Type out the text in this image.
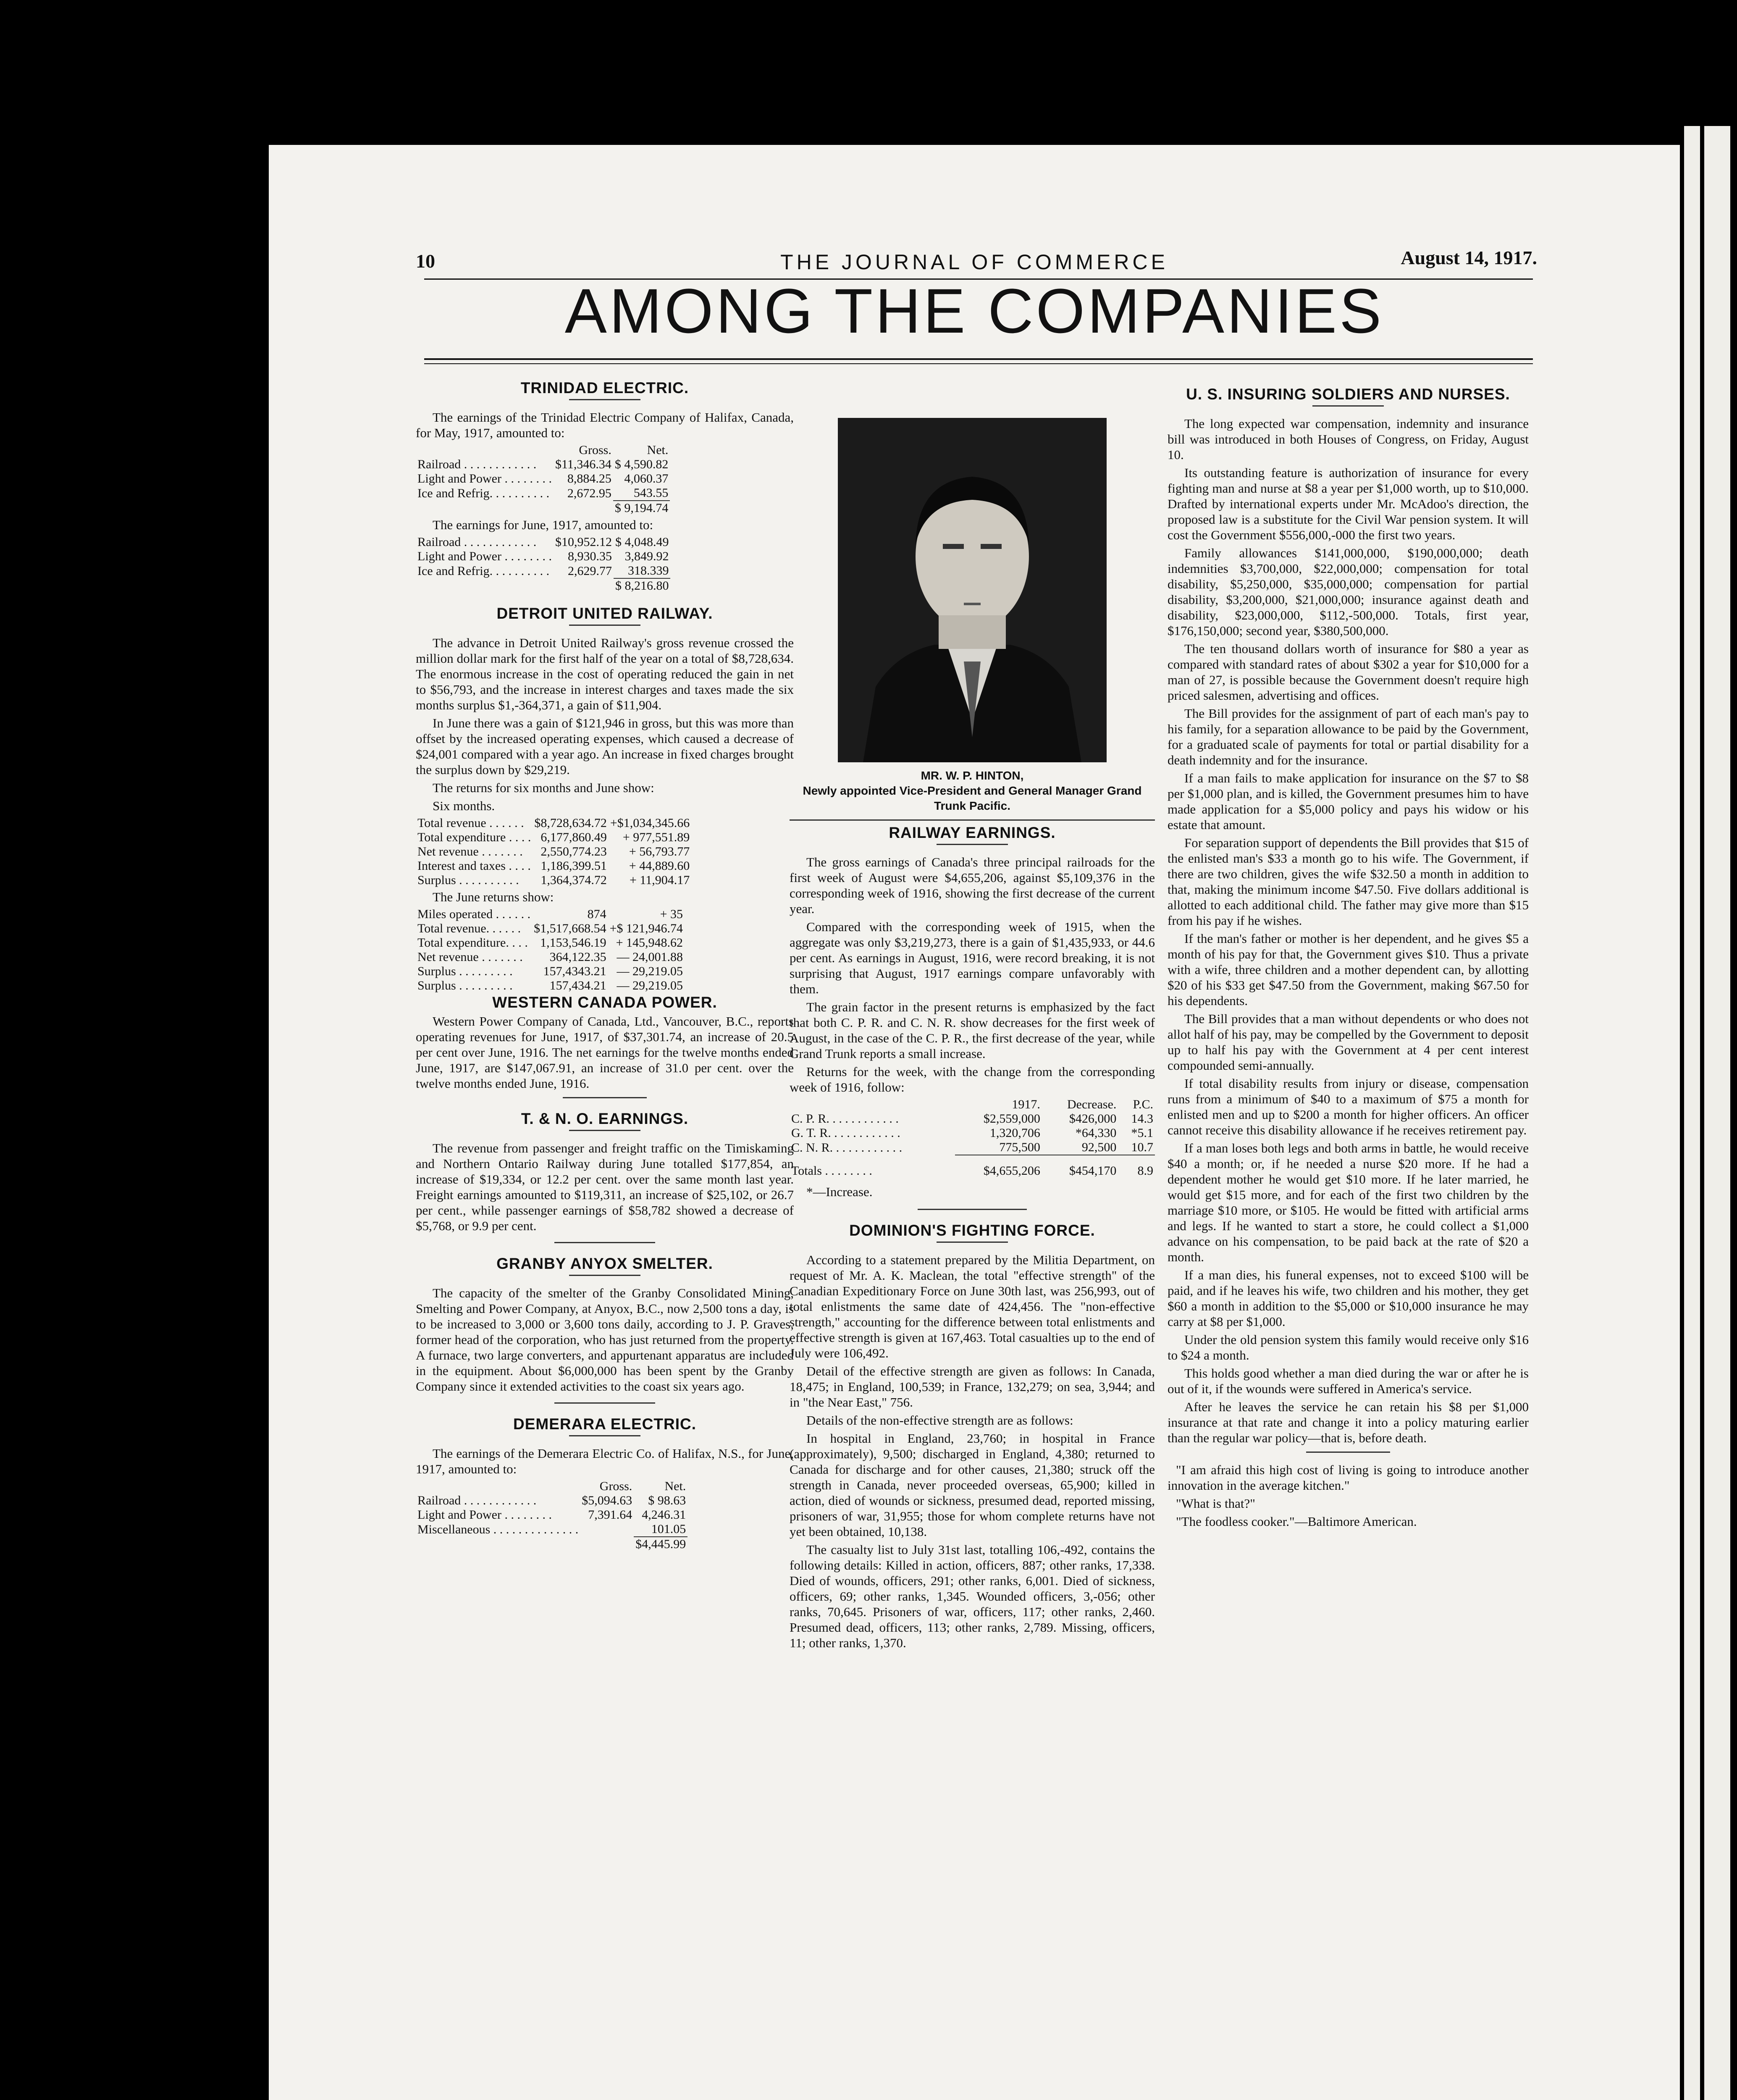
10	THE JOURNAL OF COMMERCE	August 14, 1917.
AMONG THE COMPANIES
TRINIDAD ELECTRIC.

The earnings of the Trinidad Electric Company of Halifax, Canada, for May, 1917, amounted to:

	Gross.	Net.
Railroad . . . . . . . . . . . .	$11,346.34	$ 4,590.82
Light and Power . . . . . . . .	8,884.25	4,060.37
Ice and Refrig. . . . . . . . . .	2,672.95	543.55
		$ 9,194.74

The earnings for June, 1917, amounted to:

Railroad . . . . . . . . . . . .	$10,952.12	$ 4,048.49
Light and Power . . . . . . . .	8,930.35	3,849.92
Ice and Refrig. . . . . . . . . .	2,629.77	318.339
		$ 8,216.80
DETROIT UNITED RAILWAY.

The advance in Detroit United Railway's gross revenue crossed the million dollar mark for the first half of the year on a total of $8,728,634. The enormous increase in the cost of operating reduced the gain in net to $56,793, and the increase in interest charges and taxes made the six months surplus $1,-364,371, a gain of $11,904.

In June there was a gain of $121,946 in gross, but this was more than offset by the increased operating expenses, which caused a decrease of $24,001 compared with a year ago. An increase in fixed charges brought the surplus down by $29,219.

The returns for six months and June show:

Six months.

Total revenue . . . . . .	$8,728,634.72	+$1,034,345.66
Total expenditure . . . .	6,177,860.49	+ 977,551.89
Net revenue . . . . . . .	2,550,774.23	+ 56,793.77
Interest and taxes . . . .	1,186,399.51	+ 44,889.60
Surplus . . . . . . . . . .	1,364,374.72	+ 11,904.17

The June returns show:

Miles operated . . . . . .	874	+ 35
Total revenue. . . . . .	$1,517,668.54	+$ 121,946.74
Total expenditure. . . .	1,153,546.19	+ 145,948.62
Net revenue . . . . . . .	364,122.35	— 24,001.88
Surplus . . . . . . . . .	157,4343.21	— 29,219.05
Surplus . . . . . . . . .	157,434.21	— 29,219.05
WESTERN CANADA POWER.

Western Power Company of Canada, Ltd., Vancouver, B.C., reports operating revenues for June, 1917, of $37,301.74, an increase of 20.5 per cent over June, 1916. The net earnings for the twelve months ended June, 1917, are $147,067.91, an increase of 31.0 per cent. over the twelve months ended June, 1916.

T. & N. O. EARNINGS.

The revenue from passenger and freight traffic on the Timiskaming and Northern Ontario Railway during June totalled $177,854, an increase of $19,334, or 12.2 per cent. over the same month last year. Freight earnings amounted to $119,311, an increase of $25,102, or 26.7 per cent., while passenger earnings of $58,782 showed a decrease of $5,768, or 9.9 per cent.

GRANBY ANYOX SMELTER.

The capacity of the smelter of the Granby Consolidated Mining, Smelting and Power Company, at Anyox, B.C., now 2,500 tons a day, is to be increased to 3,000 or 3,600 tons daily, according to J. P. Graves, former head of the corporation, who has just returned from the property. A furnace, two large converters, and appurtenant apparatus are included in the equipment. About $6,000,000 has been spent by the Granby Company since it extended activities to the coast six years ago.

DEMERARA ELECTRIC.

The earnings of the Demerara Electric Co. of Halifax, N.S., for June, 1917, amounted to:

	Gross.	Net.
Railroad . . . . . . . . . . . .	$5,094.63	$ 98.63
Light and Power . . . . . . . .	7,391.64	4,246.31
Miscellaneous . . . . . . . . . . . . . .		101.05
		$4,445.99
MR. W. P. HINTON,
Newly appointed Vice-President and General Manager Grand Trunk Pacific.
RAILWAY EARNINGS.

The gross earnings of Canada's three principal railroads for the first week of August were $4,655,206, against $5,109,376 in the corresponding week of 1916, showing the first decrease of the current year.

Compared with the corresponding week of 1915, when the aggregate was only $3,219,273, there is a gain of $1,435,933, or 44.6 per cent. As earnings in August, 1916, were record breaking, it is not surprising that August, 1917 earnings compare unfavorably with them.

The grain factor in the present returns is emphasized by the fact that both C. P. R. and C. N. R. show decreases for the first week of August, in the case of the C. P. R., the first decrease of the year, while Grand Trunk reports a small increase.

Returns for the week, with the change from the corresponding week of 1916, follow:

	1917.	Decrease.	P.C.
C. P. R. . . . . . . . . . . .	$2,559,000	$426,000	14.3
G. T. R. . . . . . . . . . . .	1,320,706	*64,330	*5.1
C. N. R. . . . . . . . . . . .	775,500	92,500	10.7
Totals . . . . . . . .	$4,655,206	$454,170	8.9

*—Increase.

DOMINION'S FIGHTING FORCE.

According to a statement prepared by the Militia Department, on request of Mr. A. K. Maclean, the total "effective strength" of the Canadian Expeditionary Force on June 30th last, was 256,993, out of total enlistments the same date of 424,456. The "non-effective strength," accounting for the difference between total enlistments and effective strength is given at 167,463. Total casualties up to the end of July were 106,492.

Detail of the effective strength are given as follows: In Canada, 18,475; in England, 100,539; in France, 132,279; on sea, 3,944; and in "the Near East," 756.

Details of the non-effective strength are as follows:

In hospital in England, 23,760; in hospital in France (approximately), 9,500; discharged in England, 4,380; returned to Canada for discharge and for other causes, 21,380; struck off the strength in Canada, never proceeded overseas, 65,900; killed in action, died of wounds or sickness, presumed dead, reported missing, prisoners of war, 31,955; those for whom complete returns have not yet been obtained, 10,138.

The casualty list to July 31st last, totalling 106,-492, contains the following details: Killed in action, officers, 887; other ranks, 17,338. Died of wounds, officers, 291; other ranks, 6,001. Died of sickness, officers, 69; other ranks, 1,345. Wounded officers, 3,-056; other ranks, 70,645. Prisoners of war, officers, 117; other ranks, 2,460. Presumed dead, officers, 113; other ranks, 2,789. Missing, officers, 11; other ranks, 1,370.

U. S. INSURING SOLDIERS AND NURSES.

The long expected war compensation, indemnity and insurance bill was introduced in both Houses of Congress, on Friday, August 10.

Its outstanding feature is authorization of insurance for every fighting man and nurse at $8 a year per $1,000 worth, up to $10,000. Drafted by international experts under Mr. McAdoo's direction, the proposed law is a substitute for the Civil War pension system. It will cost the Government $556,000,-000 the first two years.

Family allowances $141,000,000, $190,000,000; death indemnities $3,700,000, $22,000,000; compensation for total disability, $5,250,000, $35,000,000; compensation for partial disability, $3,200,000, $21,000,000; insurance against death and disability, $23,000,000, $112,-500,000. Totals, first year, $176,150,000; second year, $380,500,000.

The ten thousand dollars worth of insurance for $80 a year as compared with standard rates of about $302 a year for $10,000 for a man of 27, is possible because the Government doesn't require high priced salesmen, advertising and offices.

The Bill provides for the assignment of part of each man's pay to his family, for a separation allowance to be paid by the Government, for a graduated scale of payments for total or partial disability for a death indemnity and for the insurance.

If a man fails to make application for insurance on the $7 to $8 per $1,000 plan, and is killed, the Government presumes him to have made application for a $5,000 policy and pays his widow or his estate that amount.

For separation support of dependents the Bill provides that $15 of the enlisted man's $33 a month go to his wife. The Government, if there are two children, gives the wife $32.50 a month in addition to that, making the minimum income $47.50. Five dollars additional is allotted to each additional child. The father may give more than $15 from his pay if he wishes.

If the man's father or mother is her dependent, and he gives $5 a month of his pay for that, the Government gives $10. Thus a private with a wife, three children and a mother dependent can, by allotting $20 of his $33 get $47.50 from the Government, making $67.50 for his dependents.

The Bill provides that a man without dependents or who does not allot half of his pay, may be compelled by the Government to deposit up to half his pay with the Government at 4 per cent interest compounded semi-annually.

If total disability results from injury or disease, compensation runs from a minimum of $40 to a maximum of $75 a month for enlisted men and up to $200 a month for higher officers. An officer cannot receive this disability allowance if he receives retirement pay.

If a man loses both legs and both arms in battle, he would receive $40 a month; or, if he needed a nurse $20 more. If he had a dependent mother he would get $10 more. If he later married, he would get $15 more, and for each of the first two children by the marriage $10 more, or $105. He would be fitted with artificial arms and legs. If he wanted to start a store, he could collect a $1,000 advance on his compensation, to be paid back at the rate of $20 a month.

If a man dies, his funeral expenses, not to exceed $100 will be paid, and if he leaves his wife, two children and his mother, they get $60 a month in addition to the $5,000 or $10,000 insurance he may carry at $8 per $1,000.

Under the old pension system this family would receive only $16 to $24 a month.

This holds good whether a man died during the war or after he is out of it, if the wounds were suffered in America's service.

After he leaves the service he can retain his $8 per $1,000 insurance at that rate and change it into a policy maturing earlier than the regular war policy—that is, before death.

"I am afraid this high cost of living is going to introduce another innovation in the average kitchen."

"What is that?"

"The foodless cooker."—Baltimore American.
